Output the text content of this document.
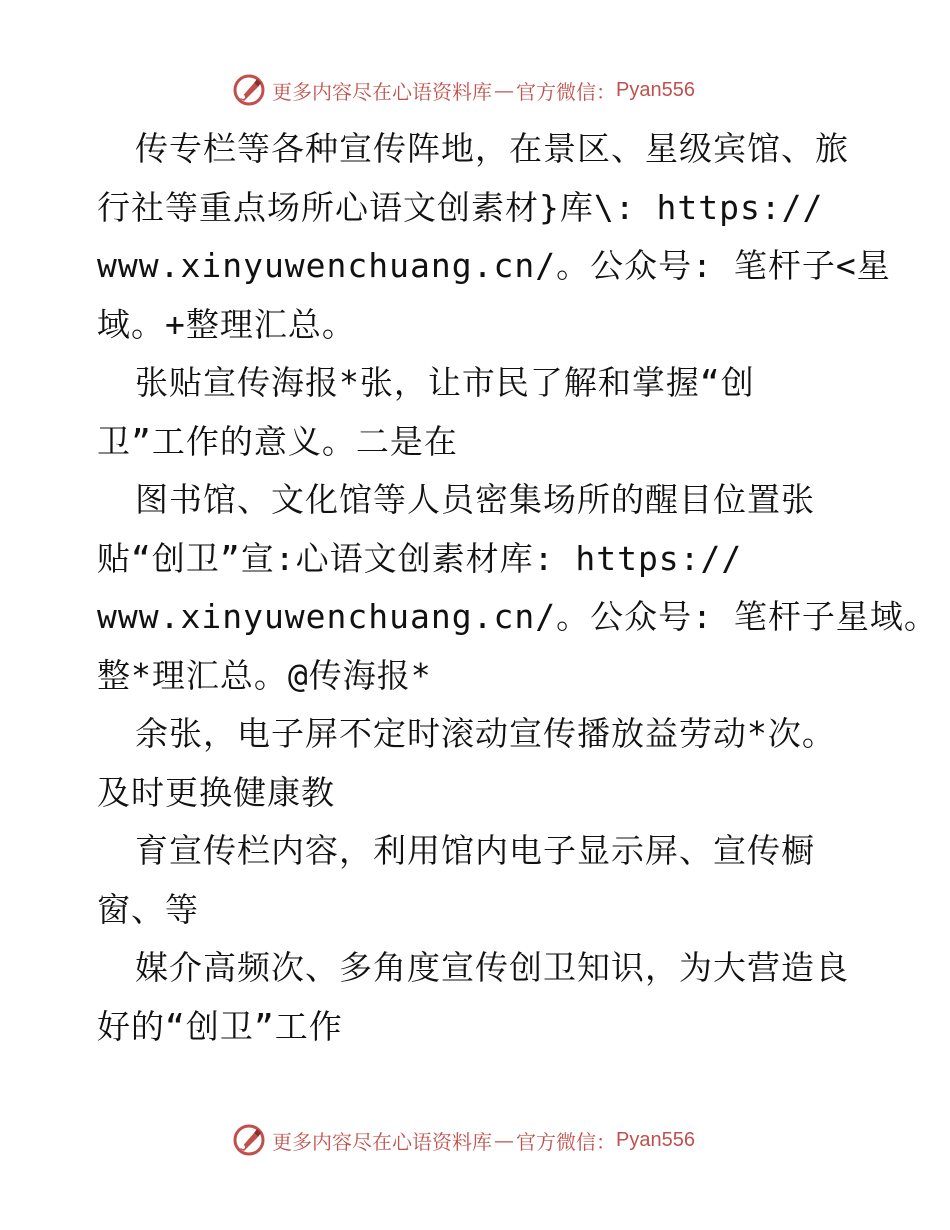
更多内容尽在心语资料库 — 官方微信： Pyan556
传专栏等各种宣传阵地，在景区、星级宾馆、旅
行社等重点场所心语文创素材}库\: https://
www.xinyuwenchuang.cn/。公众号: 笔杆子<星
域。+整理汇总。
张贴宣传海报*张，让市民了解和掌握“创
卫”工作的意义。二是在
图书馆、文化馆等人员密集场所的醒目位置张
贴“创卫”宣:心语文创素材库: https://
www.xinyuwenchuang.cn/。公众号: 笔杆子星域。
整*理汇总。@传海报*
余张，电子屏不定时滚动宣传播放益劳动*次。
及时更换健康教
育宣传栏内容，利用馆内电子显示屏、宣传橱
窗、等
媒介高频次、多角度宣传创卫知识，为大营造良
好的“创卫”工作
更多内容尽在心语资料库 — 官方微信： Pyan556
